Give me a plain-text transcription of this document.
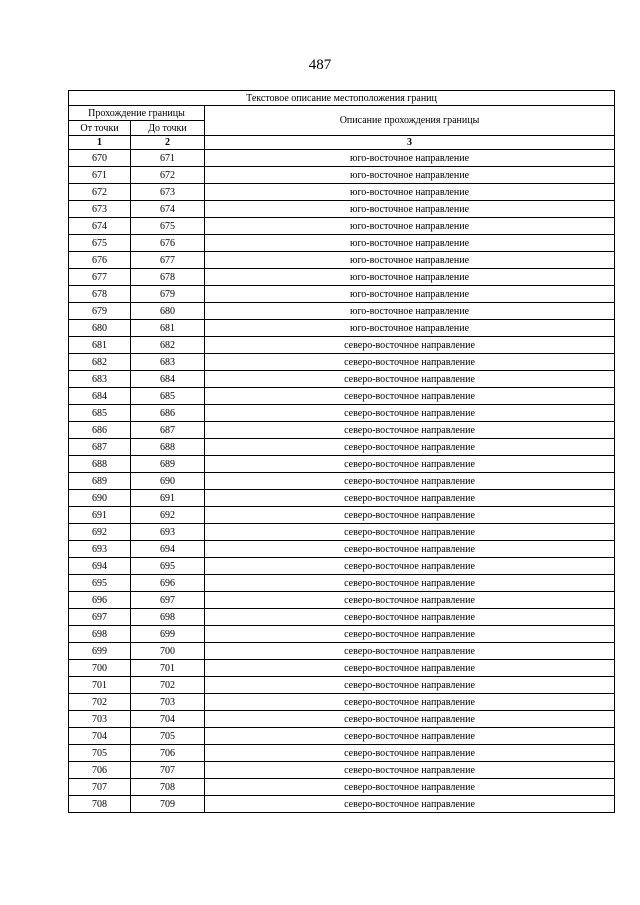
487
Текстовое описание местоположения границ		
Прохождение границы		Описание прохождения границы
От точки	До точки	
1	2	3
670	671	юго-восточное направление
671	672	юго-восточное направление
672	673	юго-восточное направление
673	674	юго-восточное направление
674	675	юго-восточное направление
675	676	юго-восточное направление
676	677	юго-восточное направление
677	678	юго-восточное направление
678	679	юго-восточное направление
679	680	юго-восточное направление
680	681	юго-восточное направление
681	682	северо-восточное направление
682	683	северо-восточное направление
683	684	северо-восточное направление
684	685	северо-восточное направление
685	686	северо-восточное направление
686	687	северо-восточное направление
687	688	северо-восточное направление
688	689	северо-восточное направление
689	690	северо-восточное направление
690	691	северо-восточное направление
691	692	северо-восточное направление
692	693	северо-восточное направление
693	694	северо-восточное направление
694	695	северо-восточное направление
695	696	северо-восточное направление
696	697	северо-восточное направление
697	698	северо-восточное направление
698	699	северо-восточное направление
699	700	северо-восточное направление
700	701	северо-восточное направление
701	702	северо-восточное направление
702	703	северо-восточное направление
703	704	северо-восточное направление
704	705	северо-восточное направление
705	706	северо-восточное направление
706	707	северо-восточное направление
707	708	северо-восточное направление
708	709	северо-восточное направление
